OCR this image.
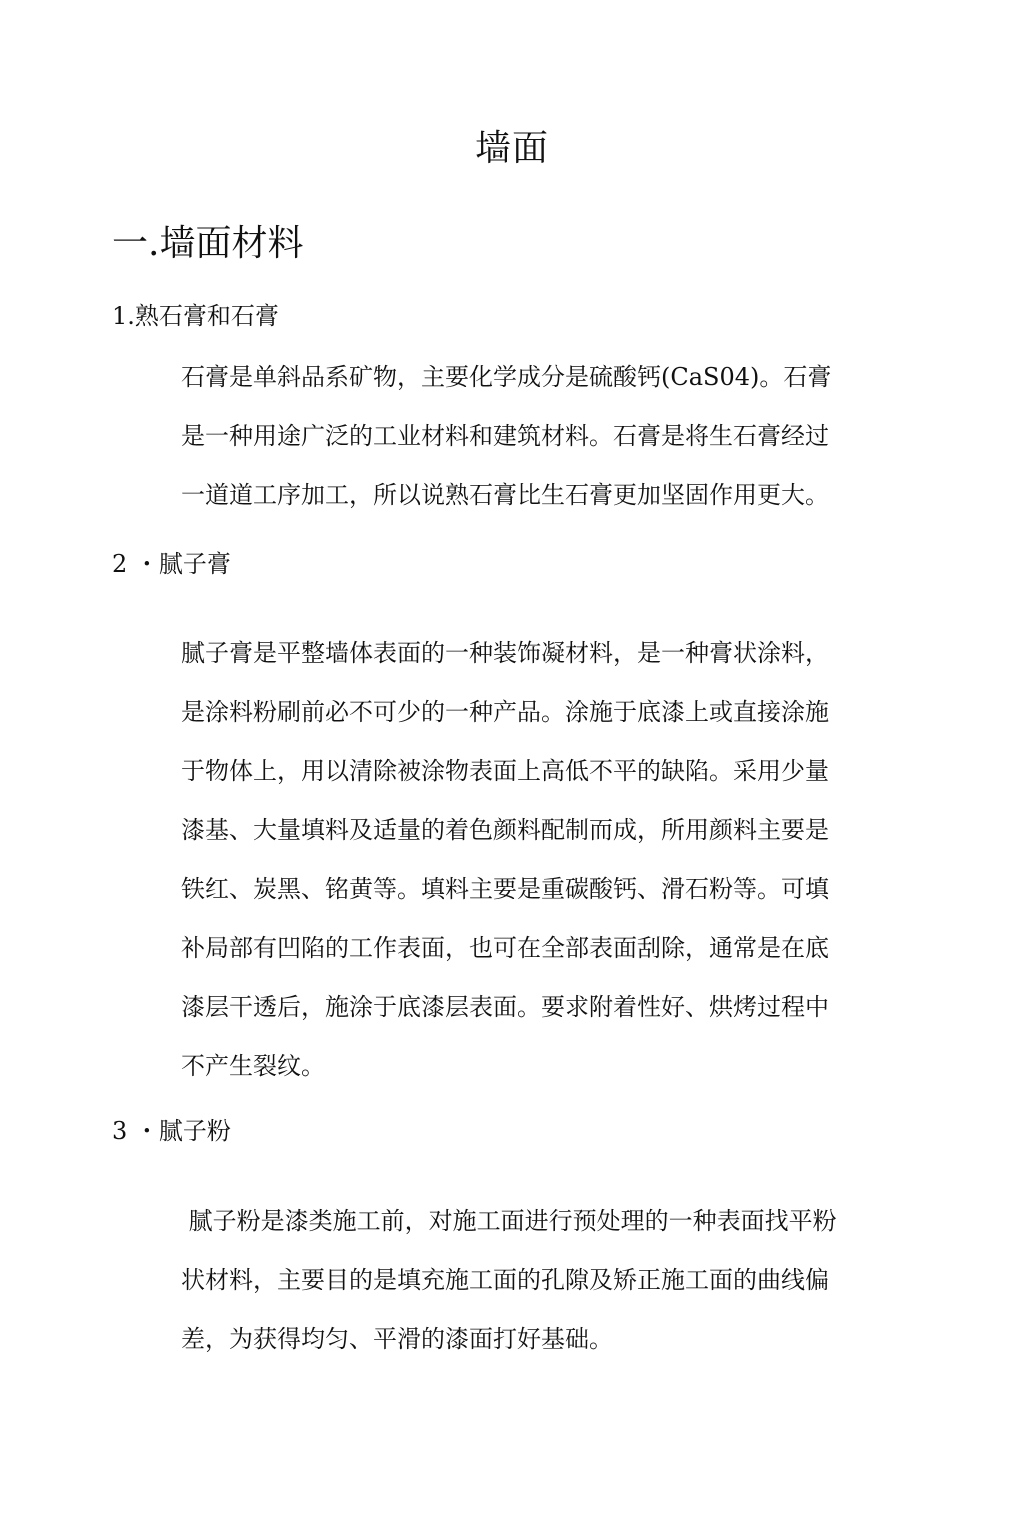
墙面
一.墙面材料
1.熟石膏和石膏
石膏是单斜品系矿物，主要化学成分是硫酸钙(CaS04)。石膏
是一种用途广泛的工业材料和建筑材料。石膏是将生石膏经过
一道道工序加工，所以说熟石膏比生石膏更加坚固作用更大。
2 ・腻子膏
腻子膏是平整墙体表面的一种装饰凝材料，是一种膏状涂料，
是涂料粉刷前必不可少的一种产品。涂施于底漆上或直接涂施
于物体上，用以清除被涂物表面上高低不平的缺陷。采用少量
漆基、大量填料及适量的着色颜料配制而成，所用颜料主要是
铁红、炭黑、铭黄等。填料主要是重碳酸钙、滑石粉等。可填
补局部有凹陷的工作表面，也可在全部表面刮除，通常是在底
漆层干透后，施涂于底漆层表面。要求附着性好、烘烤过程中
不产生裂纹。
3 ・腻子粉
腻子粉是漆类施工前，对施工面进行预处理的一种表面找平粉
状材料，主要目的是填充施工面的孔隙及矫正施工面的曲线偏
差，为获得均匀、平滑的漆面打好基础。
